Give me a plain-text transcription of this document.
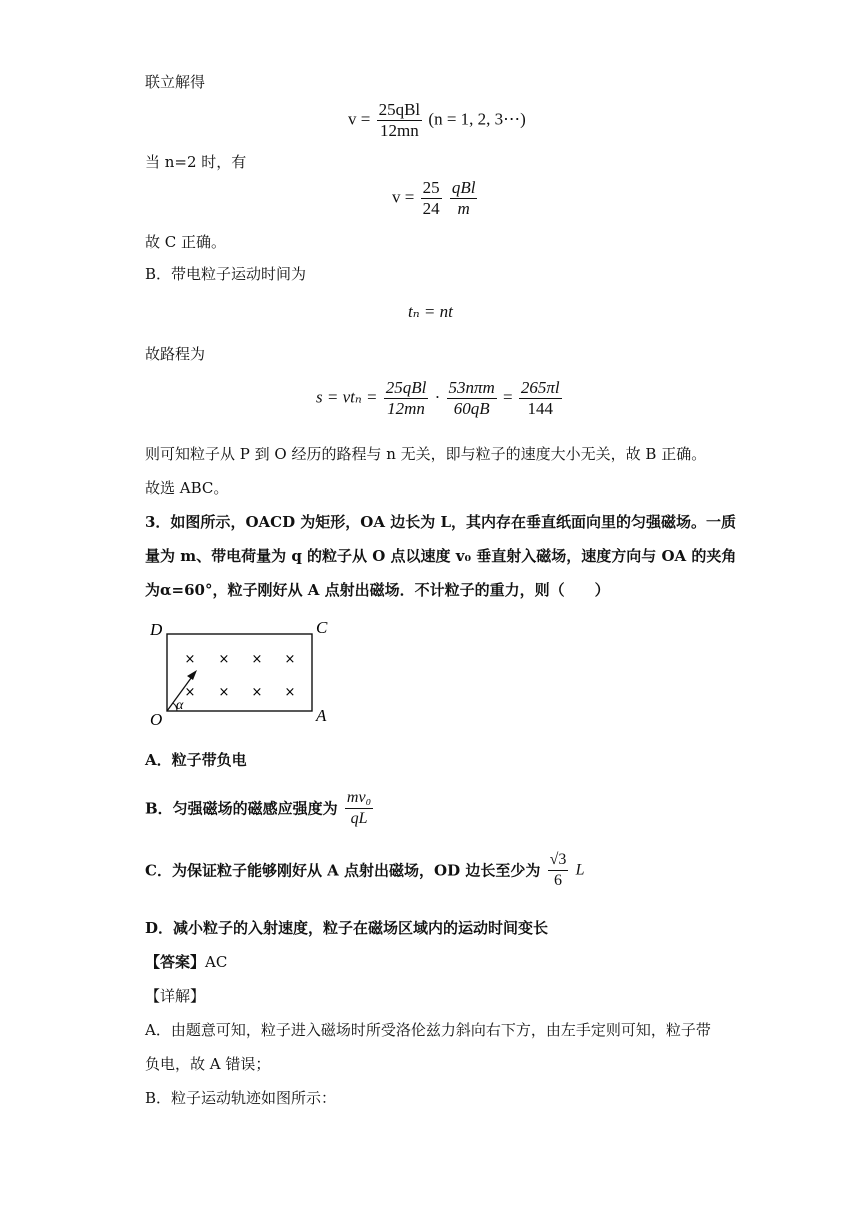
联立解得
$v = \frac{\text{25qBl}}{12mn} (n = 1$, 2, 3⋯)
当 n=2 时，有
$v = \frac{25}{24}$
$\frac{\text{qBl}}{m}$
故 C 正确。
B．带电粒子运动时间为
tₙ = nt
故路程为
$s = vt_n = \frac{\text{25qBl}}{12mn} \cdot \frac{\text{53nπm}}{60qB} = \frac{265\pi l}{144}$
则可知粒子从 P 到 O 经历的路程与 n 无关，即与粒子的速度大小无关，故 B 正确。
故选 ABC。
3．如图所示，OACD 为矩形，OA 边长为 L，其内存在垂直纸面向里的匀强磁场。一质
量为 m、带电荷量为 q 的粒子从 O 点以速度 v₀ 垂直射入磁场，速度方向与 OA 的夹角
为α=60°，粒子刚好从 A 点射出磁场．不计粒子的重力，则（　　）
D	C
O	A
× × × ×
× × × ×
α
A．粒子带负电
B．匀强磁场的磁感应强度为 $\frac{\text{mv₀}}{qL}$
C．为保证粒子能够刚好从 A 点射出磁场，OD 边长至少为 $\frac{√3}{6}$ L
D．减小粒子的入射速度，粒子在磁场区域内的运动时间变长
【答案】AC
【详解】
A．由题意可知，粒子进入磁场时所受洛伦兹力斜向右下方，由左手定则可知，粒子带
负电，故 A 错误；
B．粒子运动轨迹如图所示：
